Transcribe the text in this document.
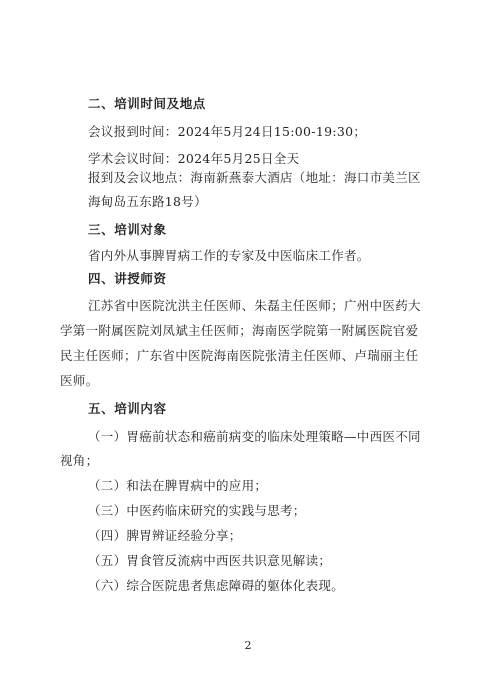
二、培训时间及地点
会议报到时间：2024年5月24日15:00-19:30；
学术会议时间：2024年5月25日全天
报到及会议地点：海南新燕泰大酒店（地址：海口市美兰区
海甸岛五东路18号）
三、培训对象
省内外从事脾胃病工作的专家及中医临床工作者。
四、讲授师资
江苏省中医院沈洪主任医师、朱磊主任医师；广州中医药大
学第一附属医院刘凤斌主任医师；海南医学院第一附属医院官爱
民主任医师；广东省中医院海南医院张清主任医师、卢瑞丽主任
医师。
五、培训内容
（一）胃癌前状态和癌前病变的临床处理策略—中西医不同
视角；
（二）和法在脾胃病中的应用；
（三）中医药临床研究的实践与思考；
（四）脾胃辨证经验分享；
（五）胃食管反流病中西医共识意见解读；
（六）综合医院患者焦虑障碍的躯体化表现。
2
